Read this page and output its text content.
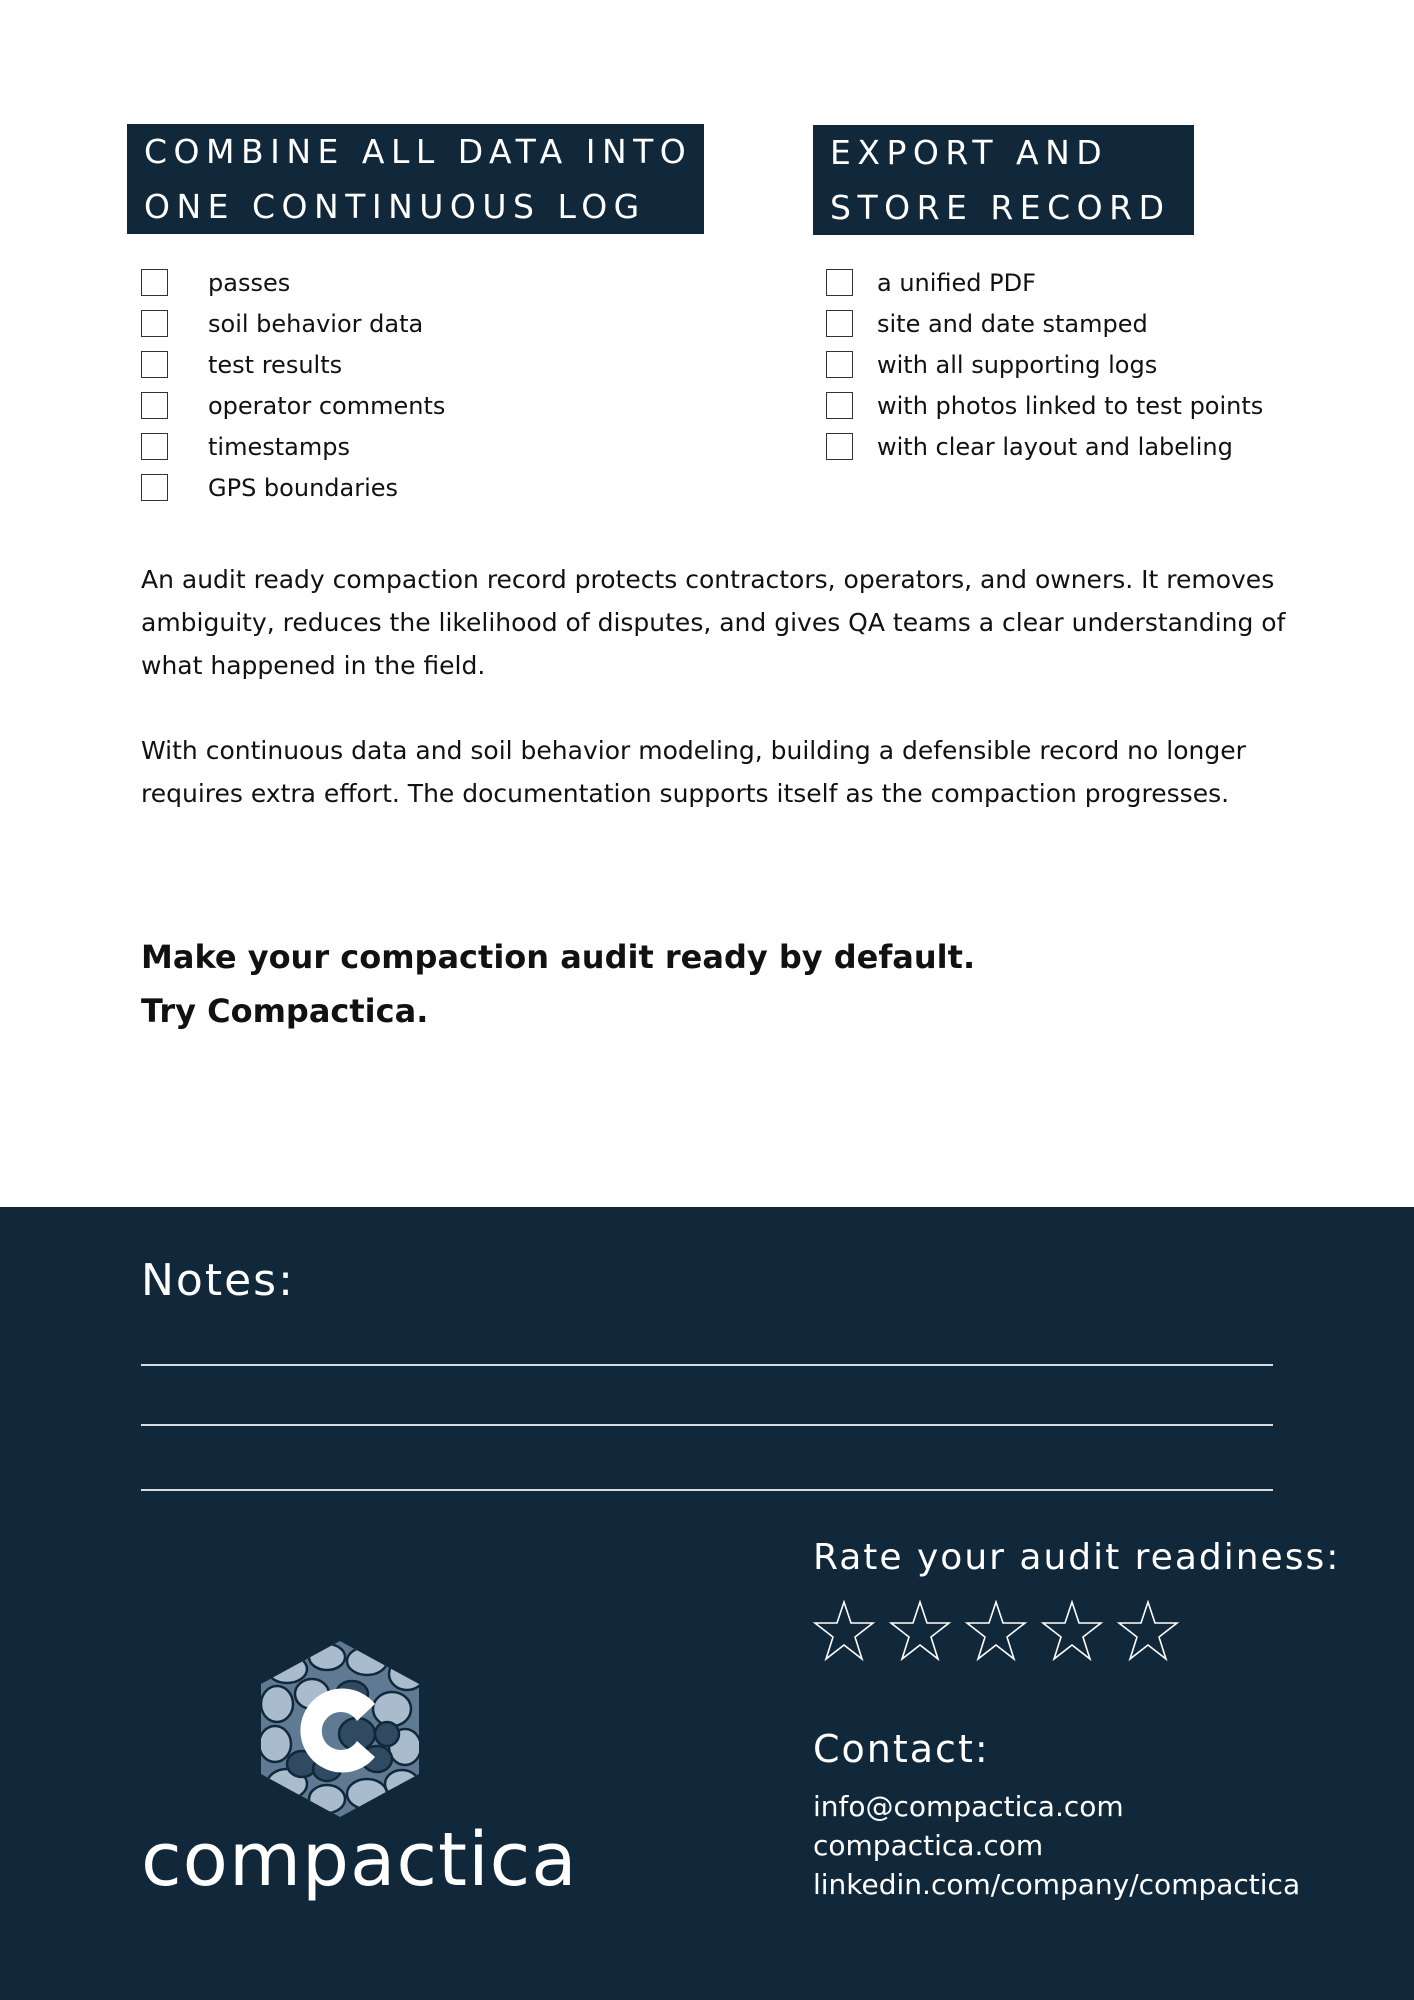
COMBINE ALL DATA INTO
ONE CONTINUOUS LOG
EXPORT AND
STORE RECORD
passes
soil behavior data
test results
operator comments
timestamps
GPS boundaries
a unified PDF
site and date stamped
with all supporting logs
with photos linked to test points
with clear layout and labeling

An audit ready compaction record protects contractors, operators, and owners. It removes ambiguity, reduces the likelihood of disputes, and gives QA teams a clear understanding of what happened in the field.

With continuous data and soil behavior modeling, building a defensible record no longer requires extra effort. The documentation supports itself as the compaction progresses.

Make your compaction audit ready by default.
Try Compactica.
Notes:
Rate your audit readiness:
Contact:
info@compactica.com
compactica.com
linkedin.com/company/compactica
compactica
